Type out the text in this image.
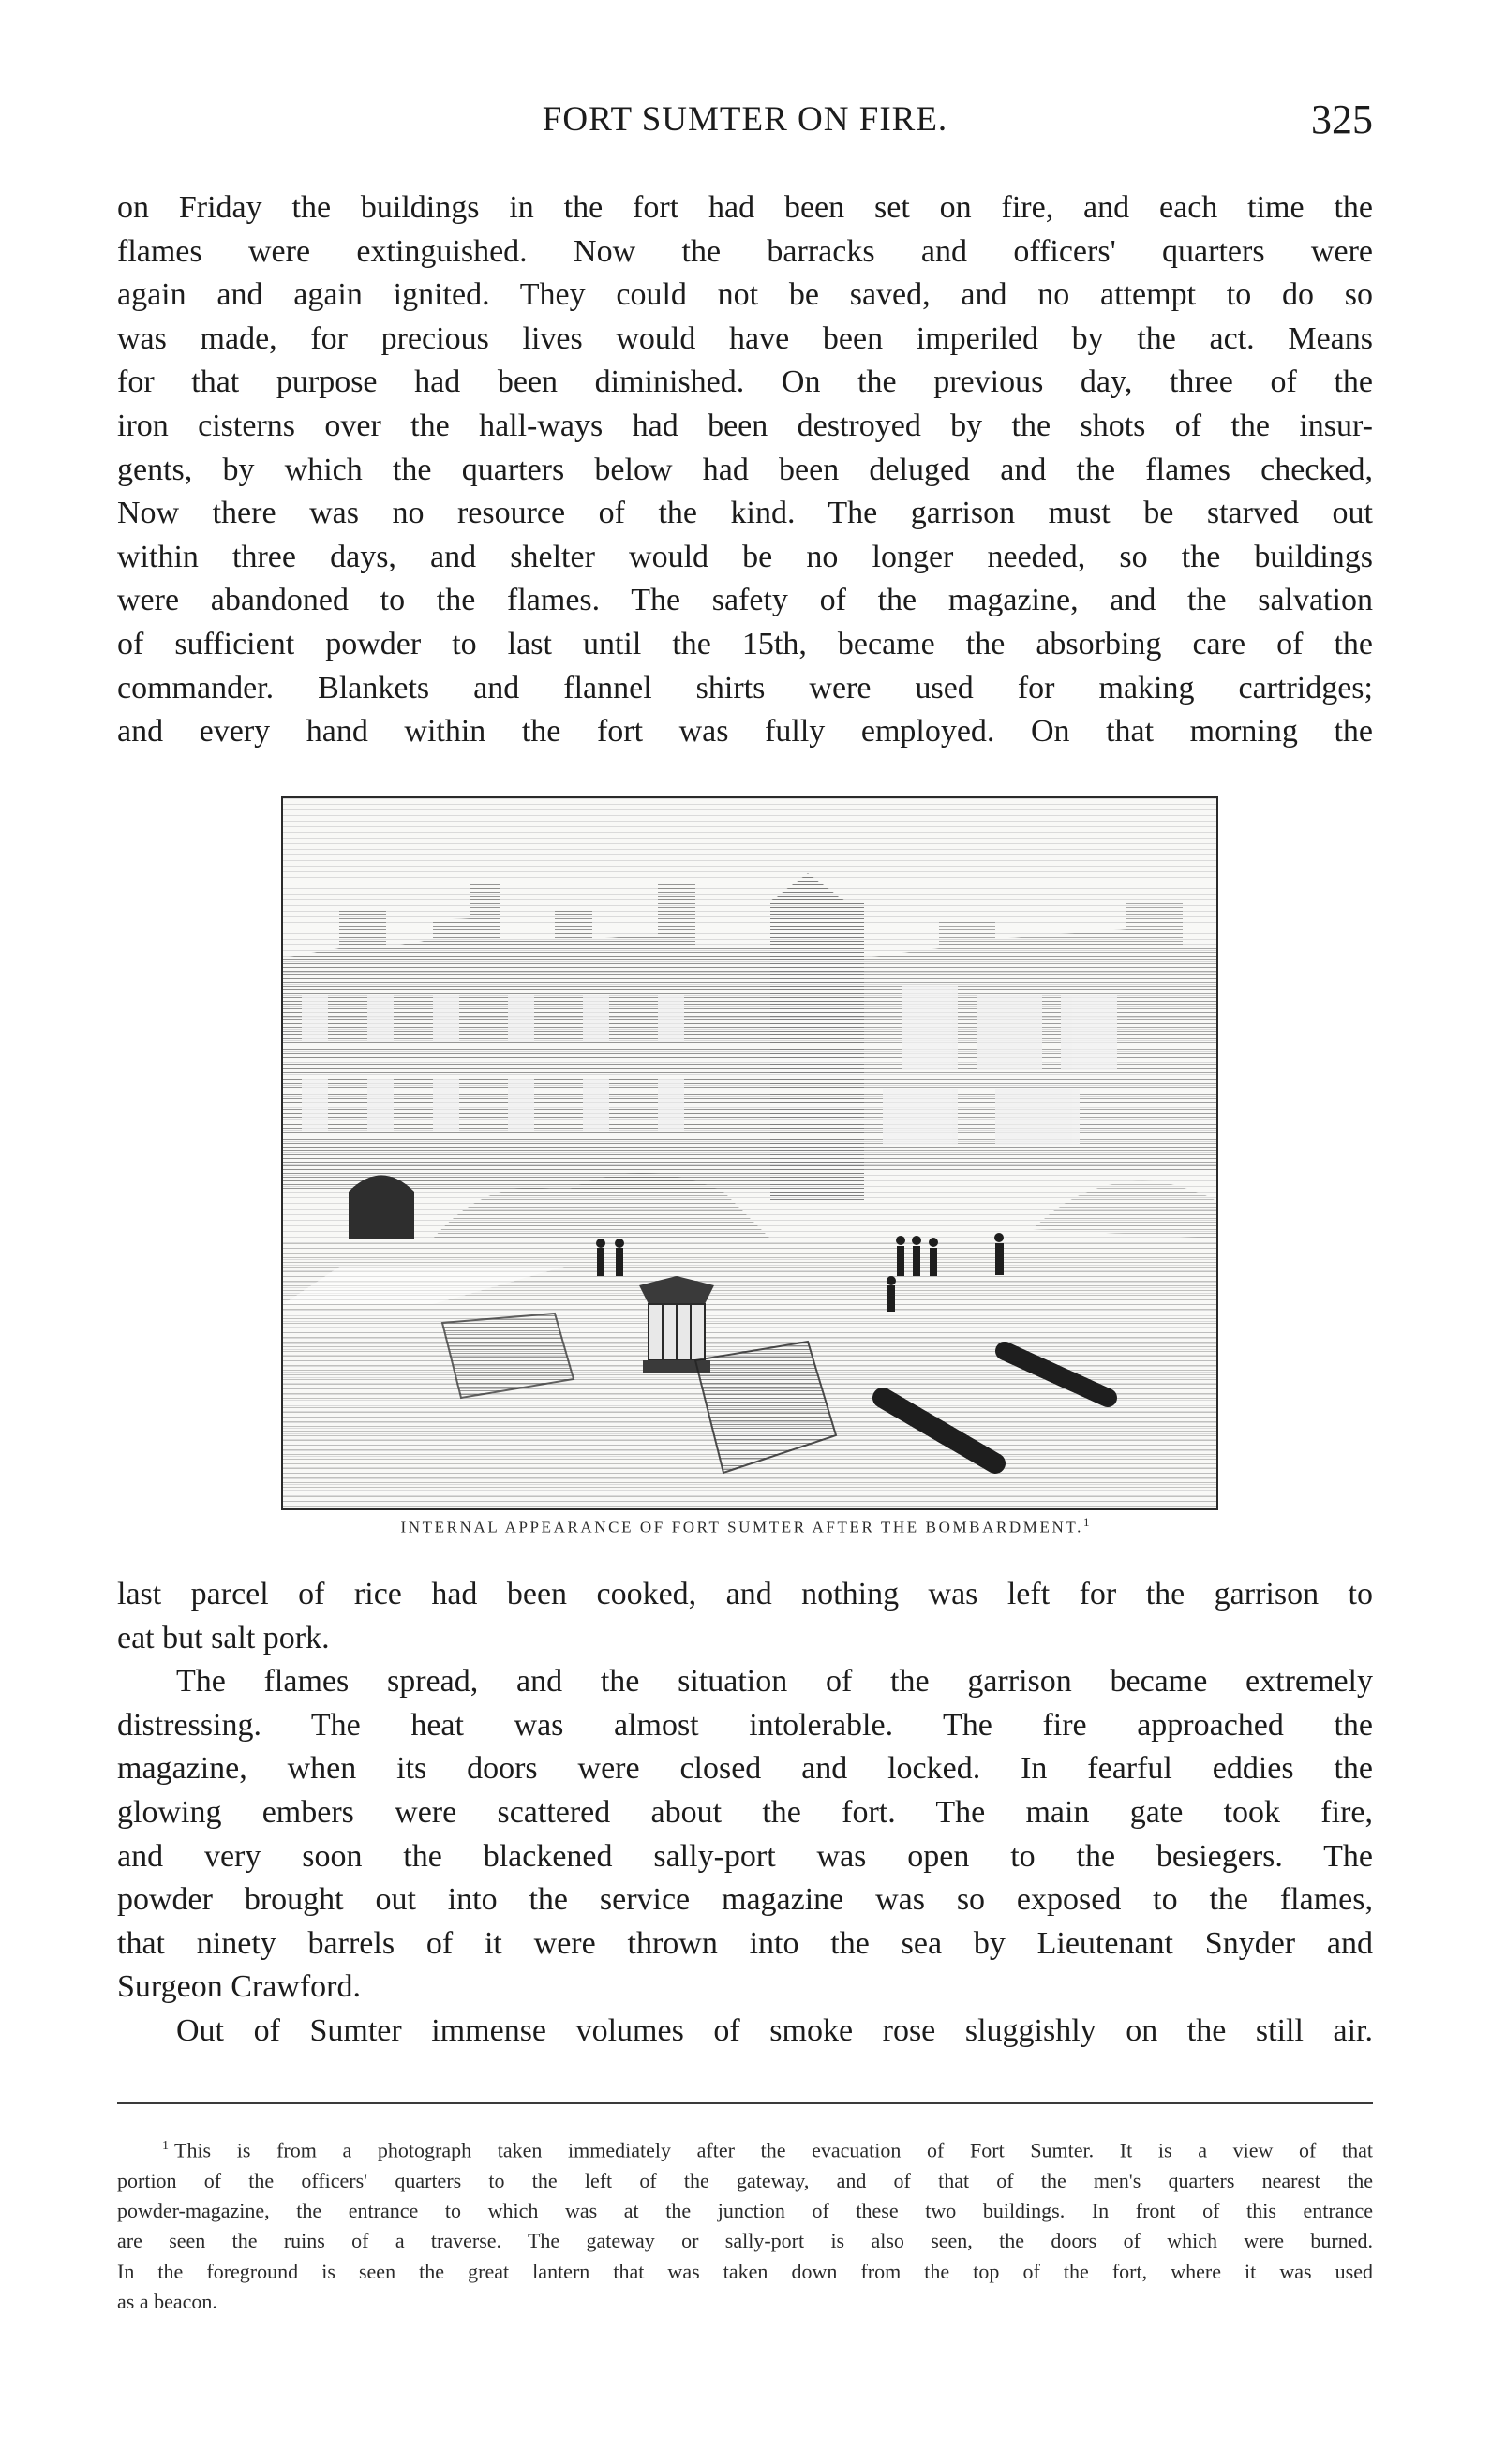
FORT SUMTER ON FIRE.	325
on Friday the buildings in the fort had been set on fire, and each time the
flames were extinguished. Now the barracks and officers' quarters were
again and again ignited. They could not be saved, and no attempt to do so
was made, for precious lives would have been imperiled by the act. Means
for that purpose had been diminished. On the previous day, three of the
iron cisterns over the hall-ways had been destroyed by the shots of the insur-
gents, by which the quarters below had been deluged and the flames checked,
Now there was no resource of the kind. The garrison must be starved out
within three days, and shelter would be no longer needed, so the buildings
were abandoned to the flames. The safety of the magazine, and the salvation
of sufficient powder to last until the 15th, became the absorbing care of the
commander. Blankets and flannel shirts were used for making cartridges;
and every hand within the fort was fully employed. On that morning the
INTERNAL APPEARANCE OF FORT SUMTER AFTER THE BOMBARDMENT.$^1$
last parcel of rice had been cooked, and nothing was left for the garrison to
eat but salt pork.
The flames spread, and the situation of the garrison became extremely
distressing. The heat was almost intolerable. The fire approached the
magazine, when its doors were closed and locked. In fearful eddies the
glowing embers were scattered about the fort. The main gate took fire,
and very soon the blackened sally-port was open to the besiegers. The
powder brought out into the service magazine was so exposed to the flames,
that ninety barrels of it were thrown into the sea by Lieutenant Snyder and
Surgeon Crawford.
Out of Sumter immense volumes of smoke rose sluggishly on the still air.
$^1$ This is from a photograph taken immediately after the evacuation of Fort Sumter. It is a view of that
portion of the officers' quarters to the left of the gateway, and of that of the men's quarters nearest the
powder-magazine, the entrance to which was at the junction of these two buildings. In front of this entrance
are seen the ruins of a traverse. The gateway or sally-port is also seen, the doors of which were burned.
In the foreground is seen the great lantern that was taken down from the top of the fort, where it was used
as a beacon.
